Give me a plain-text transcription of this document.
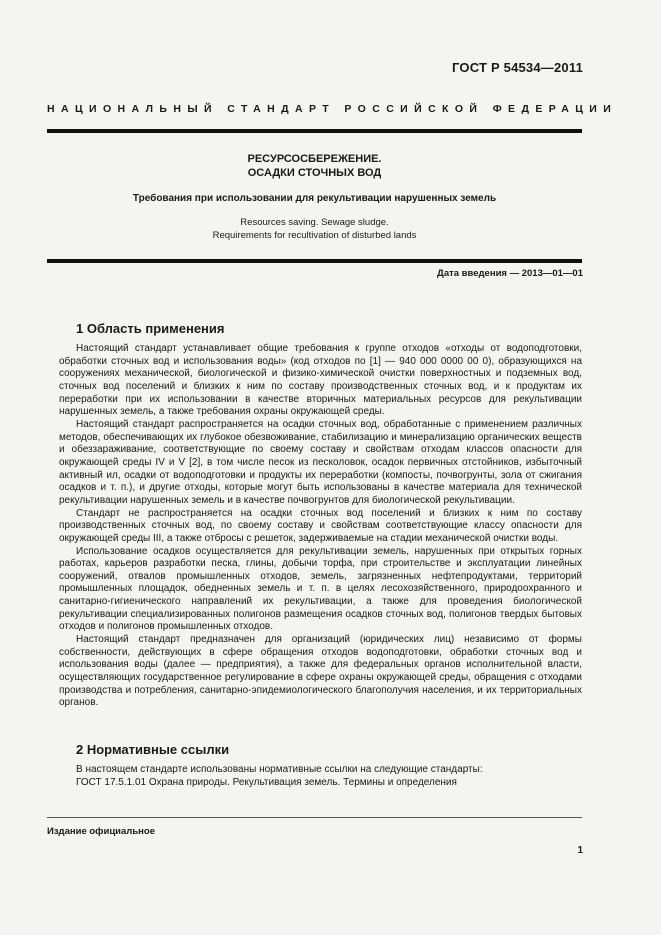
ГОСТ Р 54534—2011
НАЦИОНАЛЬНЫЙ СТАНДАРТ РОССИЙСКОЙ ФЕДЕРАЦИИ
РЕСУРСОСБЕРЕЖЕНИЕ.
ОСАДКИ СТОЧНЫХ ВОД
Требования при использовании для рекультивации нарушенных земель
Resources saving. Sewage sludge.
Requirements for recultivation of disturbed lands
Дата введения — 2013—01—01
1 Область применения

Настоящий стандарт устанавливает общие требования к группе отходов «отходы от водоподготовки, обработки сточных вод и использования воды» (код отходов по [1] — 940 000 0000 00 0), образующихся на сооружениях механической, биологической и физико-химической очистки поверхностных и подземных вод, сточных вод поселений и близких к ним по составу производственных сточных вод, и к продуктам их переработки при их использовании в качестве вторичных материальных ресурсов для рекультивации нарушенных земель, а также требования охраны окружающей среды.

Настоящий стандарт распространяется на осадки сточных вод, обработанные с применением различных методов, обеспечивающих их глубокое обезвоживание, стабилизацию и минерализацию органических веществ и обеззараживание, соответствующие по своему составу и свойствам отходам классов опасности для окружающей среды IV и V [2], в том числе песок из песколовок, осадок первичных отстойников, избыточный активный ил, осадки от водоподготовки и продукты их переработки (компосты, почвогрунты, зола от сжигания осадков и т. п.), и другие отходы, которые могут быть использованы в качестве материала для технической рекультивации нарушенных земель и в качестве почвогрунтов для биологической рекультивации.

Стандарт не распространяется на осадки сточных вод поселений и близких к ним по составу производственных сточных вод, по своему составу и свойствам соответствующие классу опасности для окружающей среды III, а также отбросы с решеток, задерживаемые на стадии механической очистки воды.

Использование осадков осуществляется для рекультивации земель, нарушенных при открытых горных работах, карьеров разработки песка, глины, добычи торфа, при строительстве и эксплуатации линейных сооружений, отвалов промышленных отходов, земель, загрязненных нефтепродуктами, территорий промышленных площадок, обедненных земель и т. п. в целях лесохозяйственного, природоохранного и санитарно-гигиенического направлений их рекультивации, а также для проведения биологической рекультивации специализированных полигонов размещения осадков сточных вод, полигонов твердых бытовых отходов и полигонов промышленных отходов.

Настоящий стандарт предназначен для организаций (юридических лиц) независимо от формы собственности, действующих в сфере обращения отходов водоподготовки, обработки сточных вод и использования воды (далее — предприятия), а также для федеральных органов исполнительной власти, осуществляющих государственное регулирование в сфере охраны окружающей среды, обращения с отходами производства и потребления, санитарно-эпидемиологического благополучия населения, и их территориальных органов.

2 Нормативные ссылки

В настоящем стандарте использованы нормативные ссылки на следующие стандарты:

ГОСТ 17.5.1.01 Охрана природы. Рекультивация земель. Термины и определения

Издание официальное
1
